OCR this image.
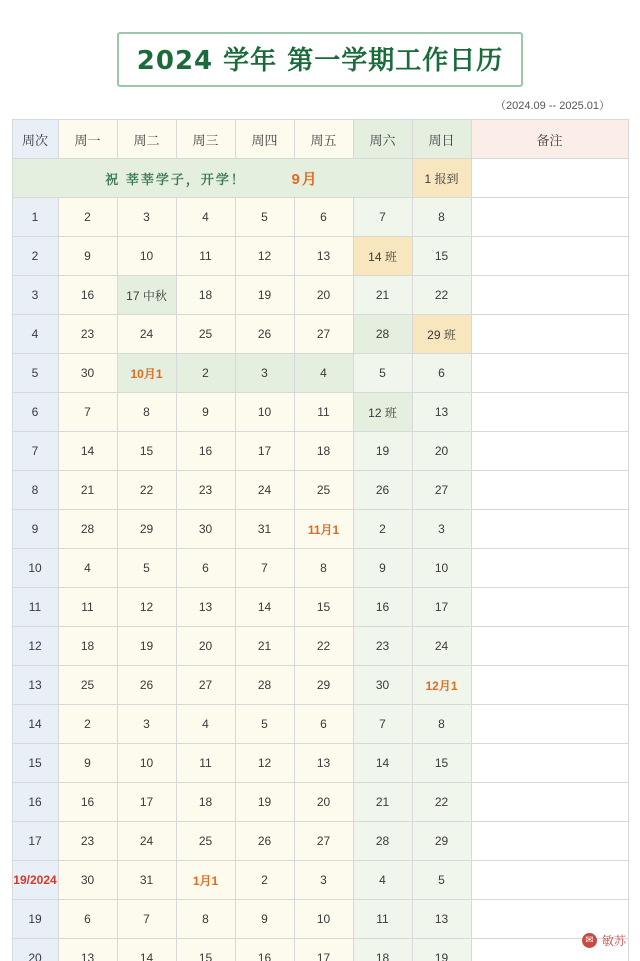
2024 学年 第一学期工作日历
（2024.09 -- 2025.01）
周次	周一	周二	周三	周四	周五	周六	周日	备注
祝 莘莘学子，开学！ 9月							1 报到	
1	2	3	4	5	6	7	8	
2	9	10	11	12	13	14 班	15	
3	16	17 中秋	18	19	20	21	22	
4	23	24	25	26	27	28	29 班	
5	30	10月1	2	3	4	5	6	
6	7	8	9	10	11	12 班	13	
7	14	15	16	17	18	19	20	
8	21	22	23	24	25	26	27	
9	28	29	30	31	11月1	2	3	
10	4	5	6	7	8	9	10	
11	11	12	13	14	15	16	17	
12	18	19	20	21	22	23	24	
13	25	26	27	28	29	30	12月1	
14	2	3	4	5	6	7	8	
15	9	10	11	12	13	14	15	
16	16	17	18	19	20	21	22	
17	23	24	25	26	27	28	29	
19/2024	30	31	1月1	2	3	4	5	
19	6	7	8	9	10	11	13	
20	13	14	15	16	17	18	19	
✉ 敏苏
